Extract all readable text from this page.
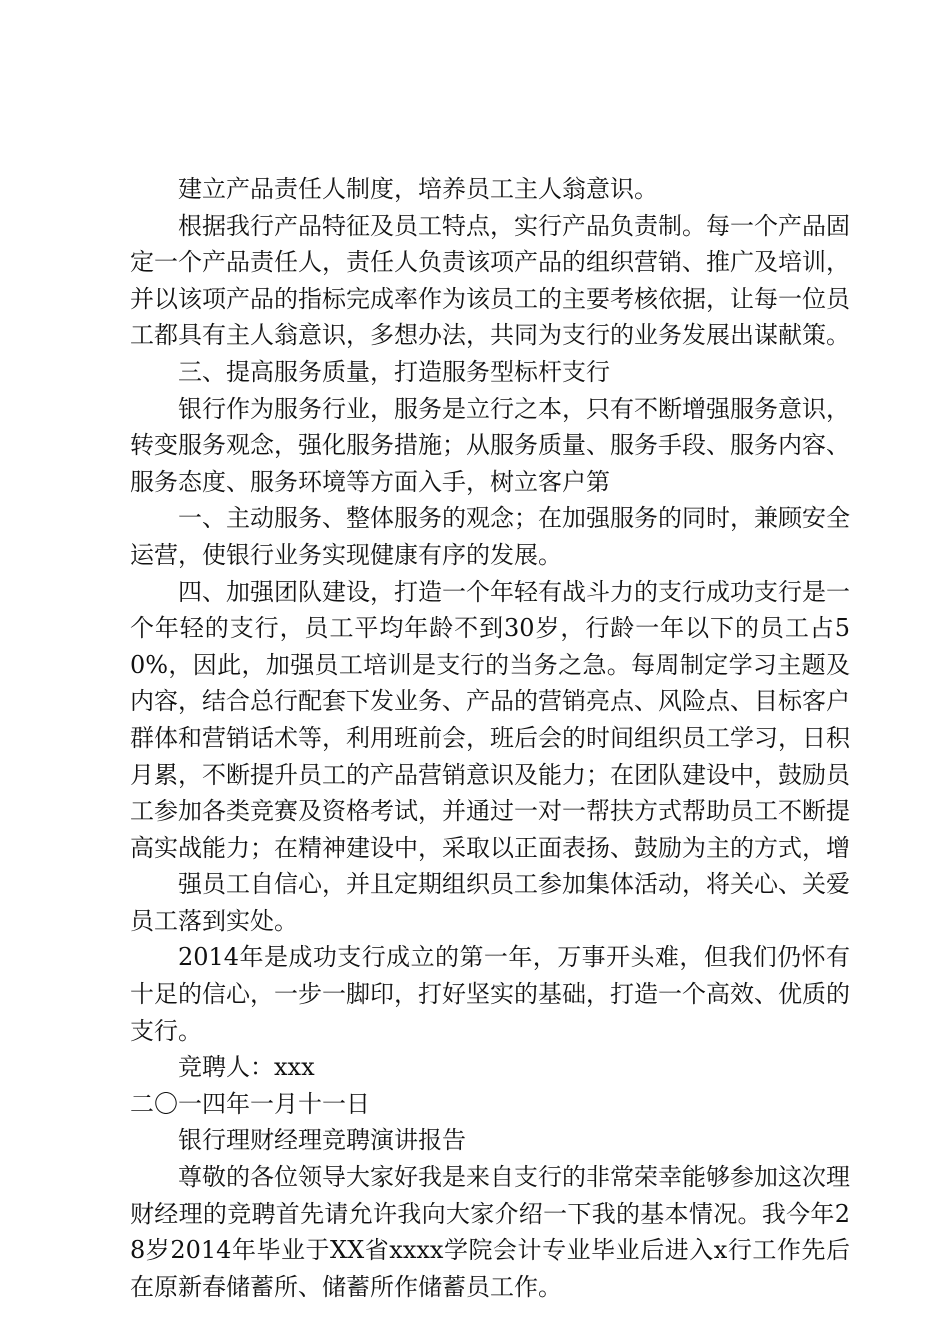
建立产品责任人制度，培养员工主人翁意识。

根据我行产品特征及员工特点，实行产品负责制。每一个产品固定一个产品责任人，责任人负责该项产品的组织营销、推广及培训，并以该项产品的指标完成率作为该员工的主要考核依据，让每一位员工都具有主人翁意识，多想办法，共同为支行的业务发展出谋献策。

三、提高服务质量，打造服务型标杆支行

银行作为服务行业，服务是立行之本，只有不断增强服务意识，转变服务观念，强化服务措施；从服务质量、服务手段、服务内容、服务态度、服务环境等方面入手，树立客户第

一、主动服务、整体服务的观念；在加强服务的同时，兼顾安全运营，使银行业务实现健康有序的发展。

四、加强团队建设，打造一个年轻有战斗力的支行成功支行是一个年轻的支行，员工平均年龄不到30岁，行龄一年以下的员工占50%，因此，加强员工培训是支行的当务之急。每周制定学习主题及内容，结合总行配套下发业务、产品的营销亮点、风险点、目标客户群体和营销话术等，利用班前会，班后会的时间组织员工学习，日积月累，不断提升员工的产品营销意识及能力；在团队建设中，鼓励员工参加各类竞赛及资格考试，并通过一对一帮扶方式帮助员工不断提高实战能力；在精神建设中，采取以正面表扬、鼓励为主的方式，增

强员工自信心，并且定期组织员工参加集体活动，将关心、关爱员工落到实处。

2014年是成功支行成立的第一年，万事开头难，但我们仍怀有十足的信心，一步一脚印，打好坚实的基础，打造一个高效、优质的支行。

竞聘人：xxx

二〇一四年一月十一日

银行理财经理竞聘演讲报告

尊敬的各位领导大家好我是来自支行的非常荣幸能够参加这次理财经理的竞聘首先请允许我向大家介绍一下我的基本情况。我今年28岁2014年毕业于XX省xxxx学院会计专业毕业后进入x行工作先后在原新春储蓄所、储蓄所作储蓄员工作。
